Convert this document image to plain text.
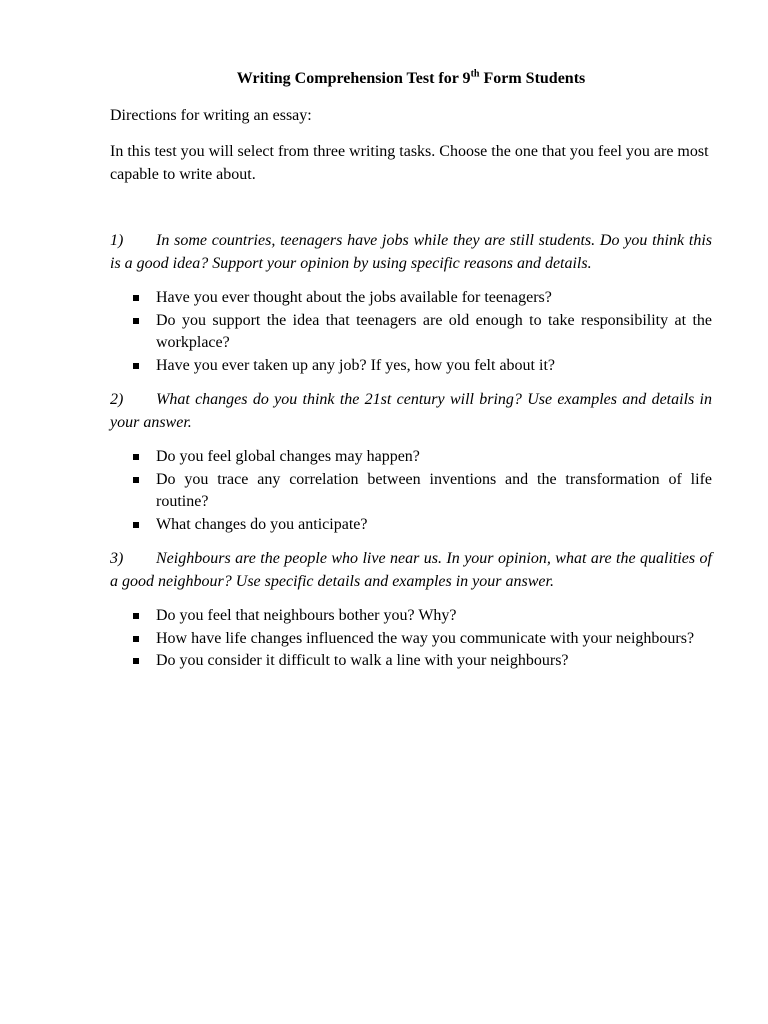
Writing Comprehension Test for 9th Form Students

Directions for writing an essay:

In this test you will select from three writing tasks. Choose the one that you feel you are most capable to write about.

1) In some countries, teenagers have jobs while they are still students. Do you think this is a good idea? Support your opinion by using specific reasons and details.

Have you ever thought about the jobs available for teenagers?
Do you support the idea that teenagers are old enough to take responsibility at the workplace?
Have you ever taken up any job? If yes, how you felt about it?

2) What changes do you think the 21st century will bring? Use examples and details in your answer.

Do you feel global changes may happen?
Do you trace any correlation between inventions and the transformation of life routine?
What changes do you anticipate?

3) Neighbours are the people who live near us. In your opinion, what are the qualities of a good neighbour? Use specific details and examples in your answer.

Do you feel that neighbours bother you? Why?
How have life changes influenced the way you communicate with your neighbours?
Do you consider it difficult to walk a line with your neighbours?
